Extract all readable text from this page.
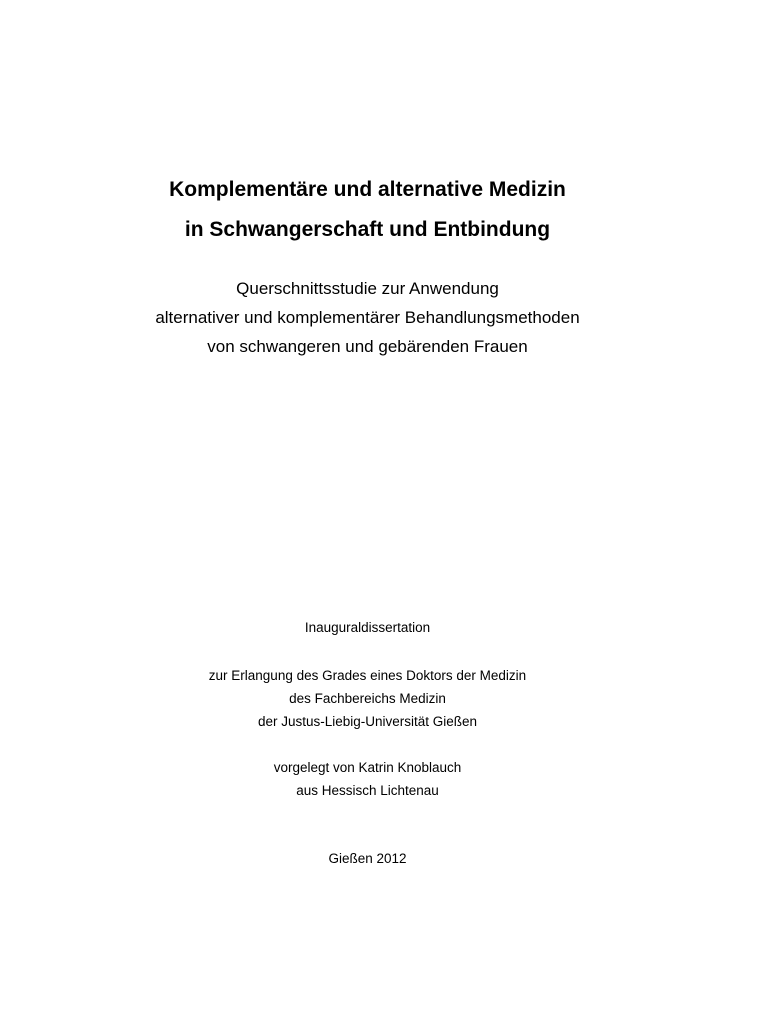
Komplementäre und alternative Medizin
in Schwangerschaft und Entbindung
Querschnittsstudie zur Anwendung
alternativer und komplementärer Behandlungsmethoden
von schwangeren und gebärenden Frauen
Inauguraldissertation
zur Erlangung des Grades eines Doktors der Medizin
des Fachbereichs Medizin
der Justus-Liebig-Universität Gießen
vorgelegt von Katrin Knoblauch
aus Hessisch Lichtenau
Gießen 2012
